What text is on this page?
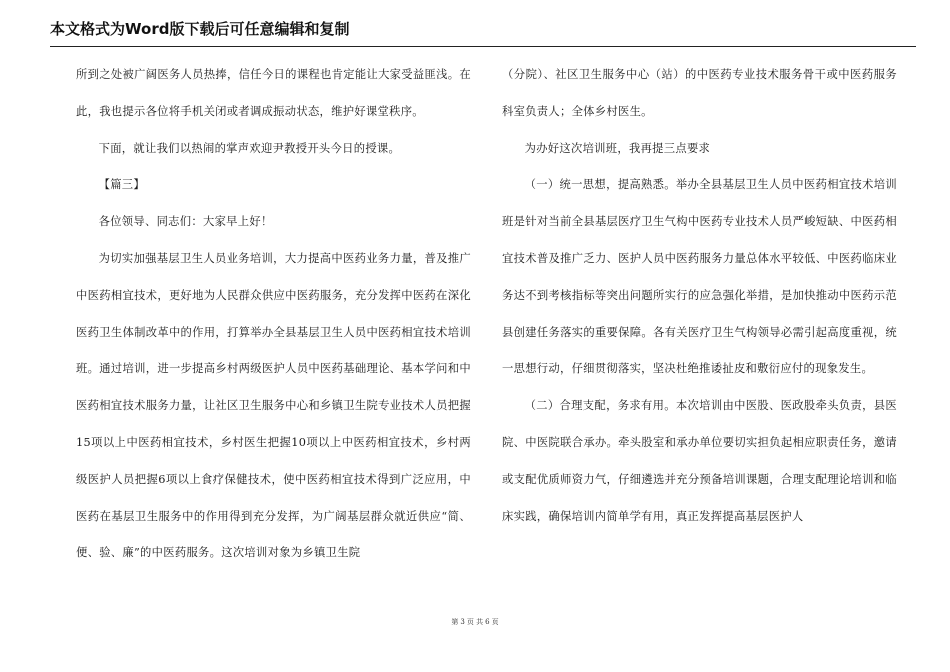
本文格式为Word版下载后可任意编辑和复制

所到之处被广阔医务人员热捧，信任今日的课程也肯定能让大家受益匪浅。在此，我也提示各位将手机关闭或者调成振动状态，维护好课堂秩序。

下面，就让我们以热闹的掌声欢迎尹教授开头今日的授课。

【篇三】

各位领导、同志们：大家早上好！

为切实加强基层卫生人员业务培训，大力提高中医药业务力量，普及推广中医药相宜技术，更好地为人民群众供应中医药服务，充分发挥中医药在深化医药卫生体制改革中的作用，打算举办全县基层卫生人员中医药相宜技术培训班。通过培训，进一步提高乡村两级医护人员中医药基础理论、基本学问和中医药相宜技术服务力量，让社区卫生服务中心和乡镇卫生院专业技术人员把握15项以上中医药相宜技术，乡村医生把握10项以上中医药相宜技术，乡村两级医护人员把握6项以上食疗保健技术，使中医药相宜技术得到广泛应用，中医药在基层卫生服务中的作用得到充分发挥，为广阔基层群众就近供应“简、便、验、廉”的中医药服务。这次培训对象为乡镇卫生院

（分院）、社区卫生服务中心（站）的中医药专业技术服务骨干或中医药服务科室负责人；全体乡村医生。

为办好这次培训班，我再提三点要求

（一）统一思想，提高熟悉。举办全县基层卫生人员中医药相宜技术培训班是针对当前全县基层医疗卫生气构中医药专业技术人员严峻短缺、中医药相宜技术普及推广乏力、医护人员中医药服务力量总体水平较低、中医药临床业务达不到考核指标等突出问题所实行的应急强化举措，是加快推动中医药示范县创建任务落实的重要保障。各有关医疗卫生气构领导必需引起高度重视，统一思想行动，仔细贯彻落实，坚决杜绝推诿扯皮和敷衍应付的现象发生。

（二）合理支配，务求有用。本次培训由中医股、医政股牵头负责，县医院、中医院联合承办。牵头股室和承办单位要切实担负起相应职责任务，邀请或支配优质师资力气，仔细遴选并充分预备培训课题，合理支配理论培训和临床实践，确保培训内简单学有用，真正发挥提高基层医护人

第 3 页 共 6 页
